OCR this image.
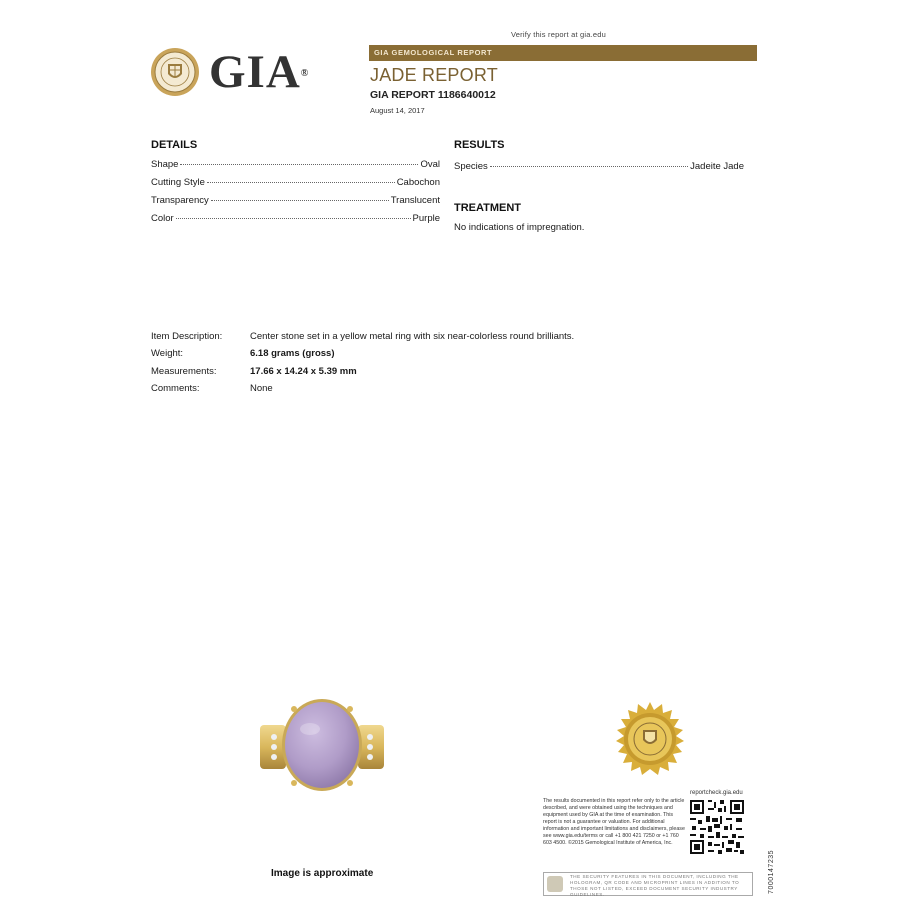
Verify this report at gia.edu
GIA®
GIA GEMOLOGICAL REPORT
JADE REPORT
GIA REPORT 1186640012
August 14, 2017
DETAILS
Shape	Oval
Cutting Style	Cabochon
Transparency	Translucent
Color	Purple
RESULTS
Species	Jadeite Jade
TREATMENT
No indications of impregnation.
Item Description:	Center stone set in a yellow metal ring with six near-colorless round brilliants.
Weight:	6.18 grams (gross)
Measurements:	17.66 x 14.24 x 5.39 mm
Comments:	None
Image is approximate
reportcheck.gia.edu
The results documented in this report refer only to the article described, and were obtained using the techniques and equipment used by GIA at the time of examination. This report is not a guarantee or valuation. For additional information and important limitations and disclaimers, please see www.gia.edu/terms or call +1 800 421 7250 or +1 760 603 4500. ©2015 Gemological Institute of America, Inc.
THE SECURITY FEATURES IN THIS DOCUMENT, INCLUDING THE HOLOGRAM, QR CODE AND MICROPRINT LINES IN ADDITION TO THOSE NOT LISTED, EXCEED DOCUMENT SECURITY INDUSTRY GUIDELINES.
7000147235
